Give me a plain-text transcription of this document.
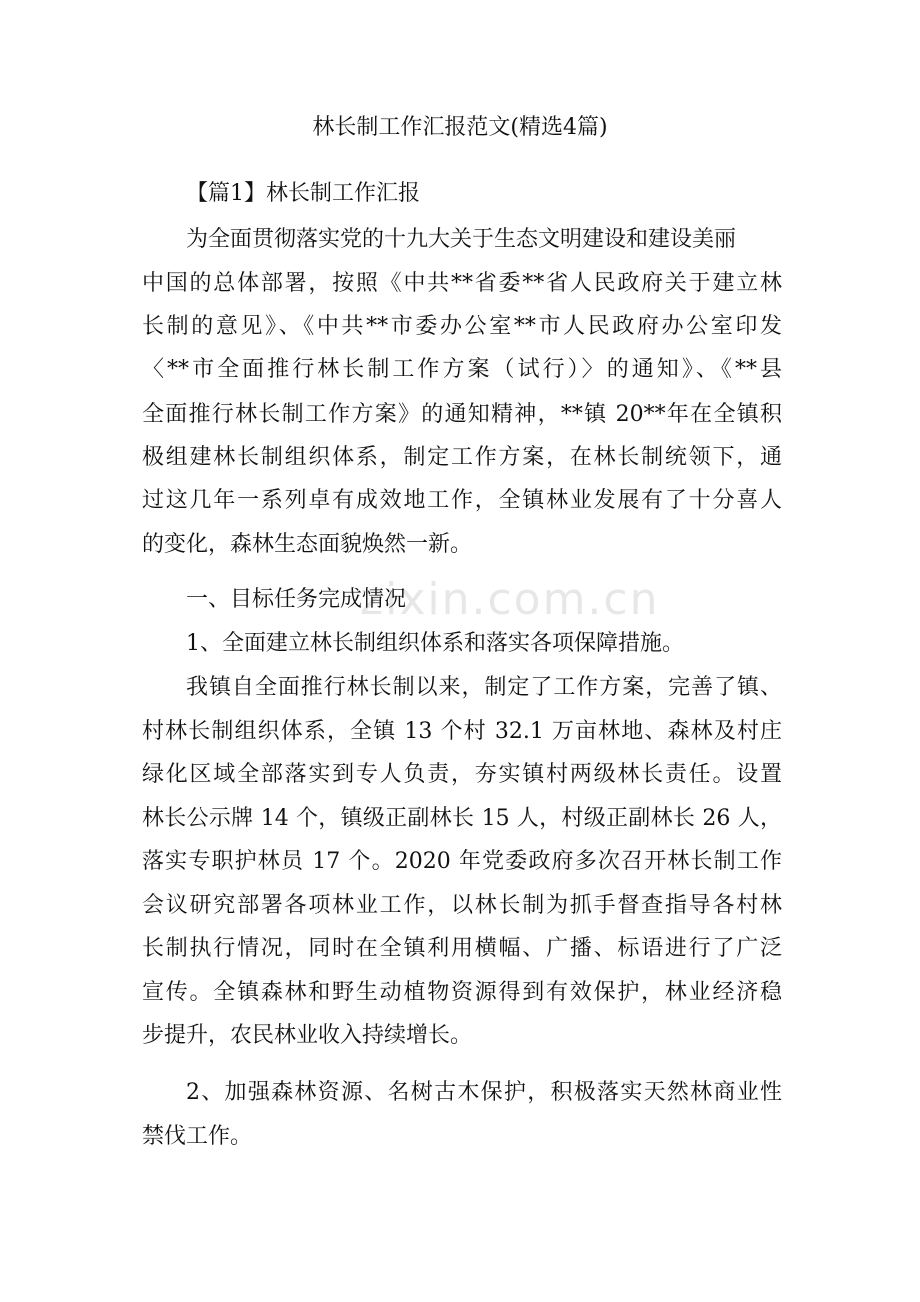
zixin.com.cn
林长制工作汇报范文(精选4篇)
【篇1】林长制工作汇报
为全面贯彻落实党的十九大关于生态文明建设和建设美丽
中国的总体部署，按照《中共**省委**省人民政府关于建立林
长制的意见》、《中共**市委办公室**市人民政府办公室印发
〈**市全面推行林长制工作方案（试行）〉的通知》、《**县
全面推行林长制工作方案》的通知精神，**镇 20**年在全镇积
极组建林长制组织体系，制定工作方案，在林长制统领下，通
过这几年一系列卓有成效地工作，全镇林业发展有了十分喜人
的变化，森林生态面貌焕然一新。
一、目标任务完成情况
1、全面建立林长制组织体系和落实各项保障措施。
我镇自全面推行林长制以来，制定了工作方案，完善了镇、
村林长制组织体系，全镇 13 个村 32.1 万亩林地、森林及村庄
绿化区域全部落实到专人负责，夯实镇村两级林长责任。设置
林长公示牌 14 个，镇级正副林长 15 人，村级正副林长 26 人，
落实专职护林员 17 个。2020 年党委政府多次召开林长制工作
会议研究部署各项林业工作，以林长制为抓手督查指导各村林
长制执行情况，同时在全镇利用横幅、广播、标语进行了广泛
宣传。全镇森林和野生动植物资源得到有效保护，林业经济稳
步提升，农民林业收入持续增长。
2、加强森林资源、名树古木保护，积极落实天然林商业性
禁伐工作。
